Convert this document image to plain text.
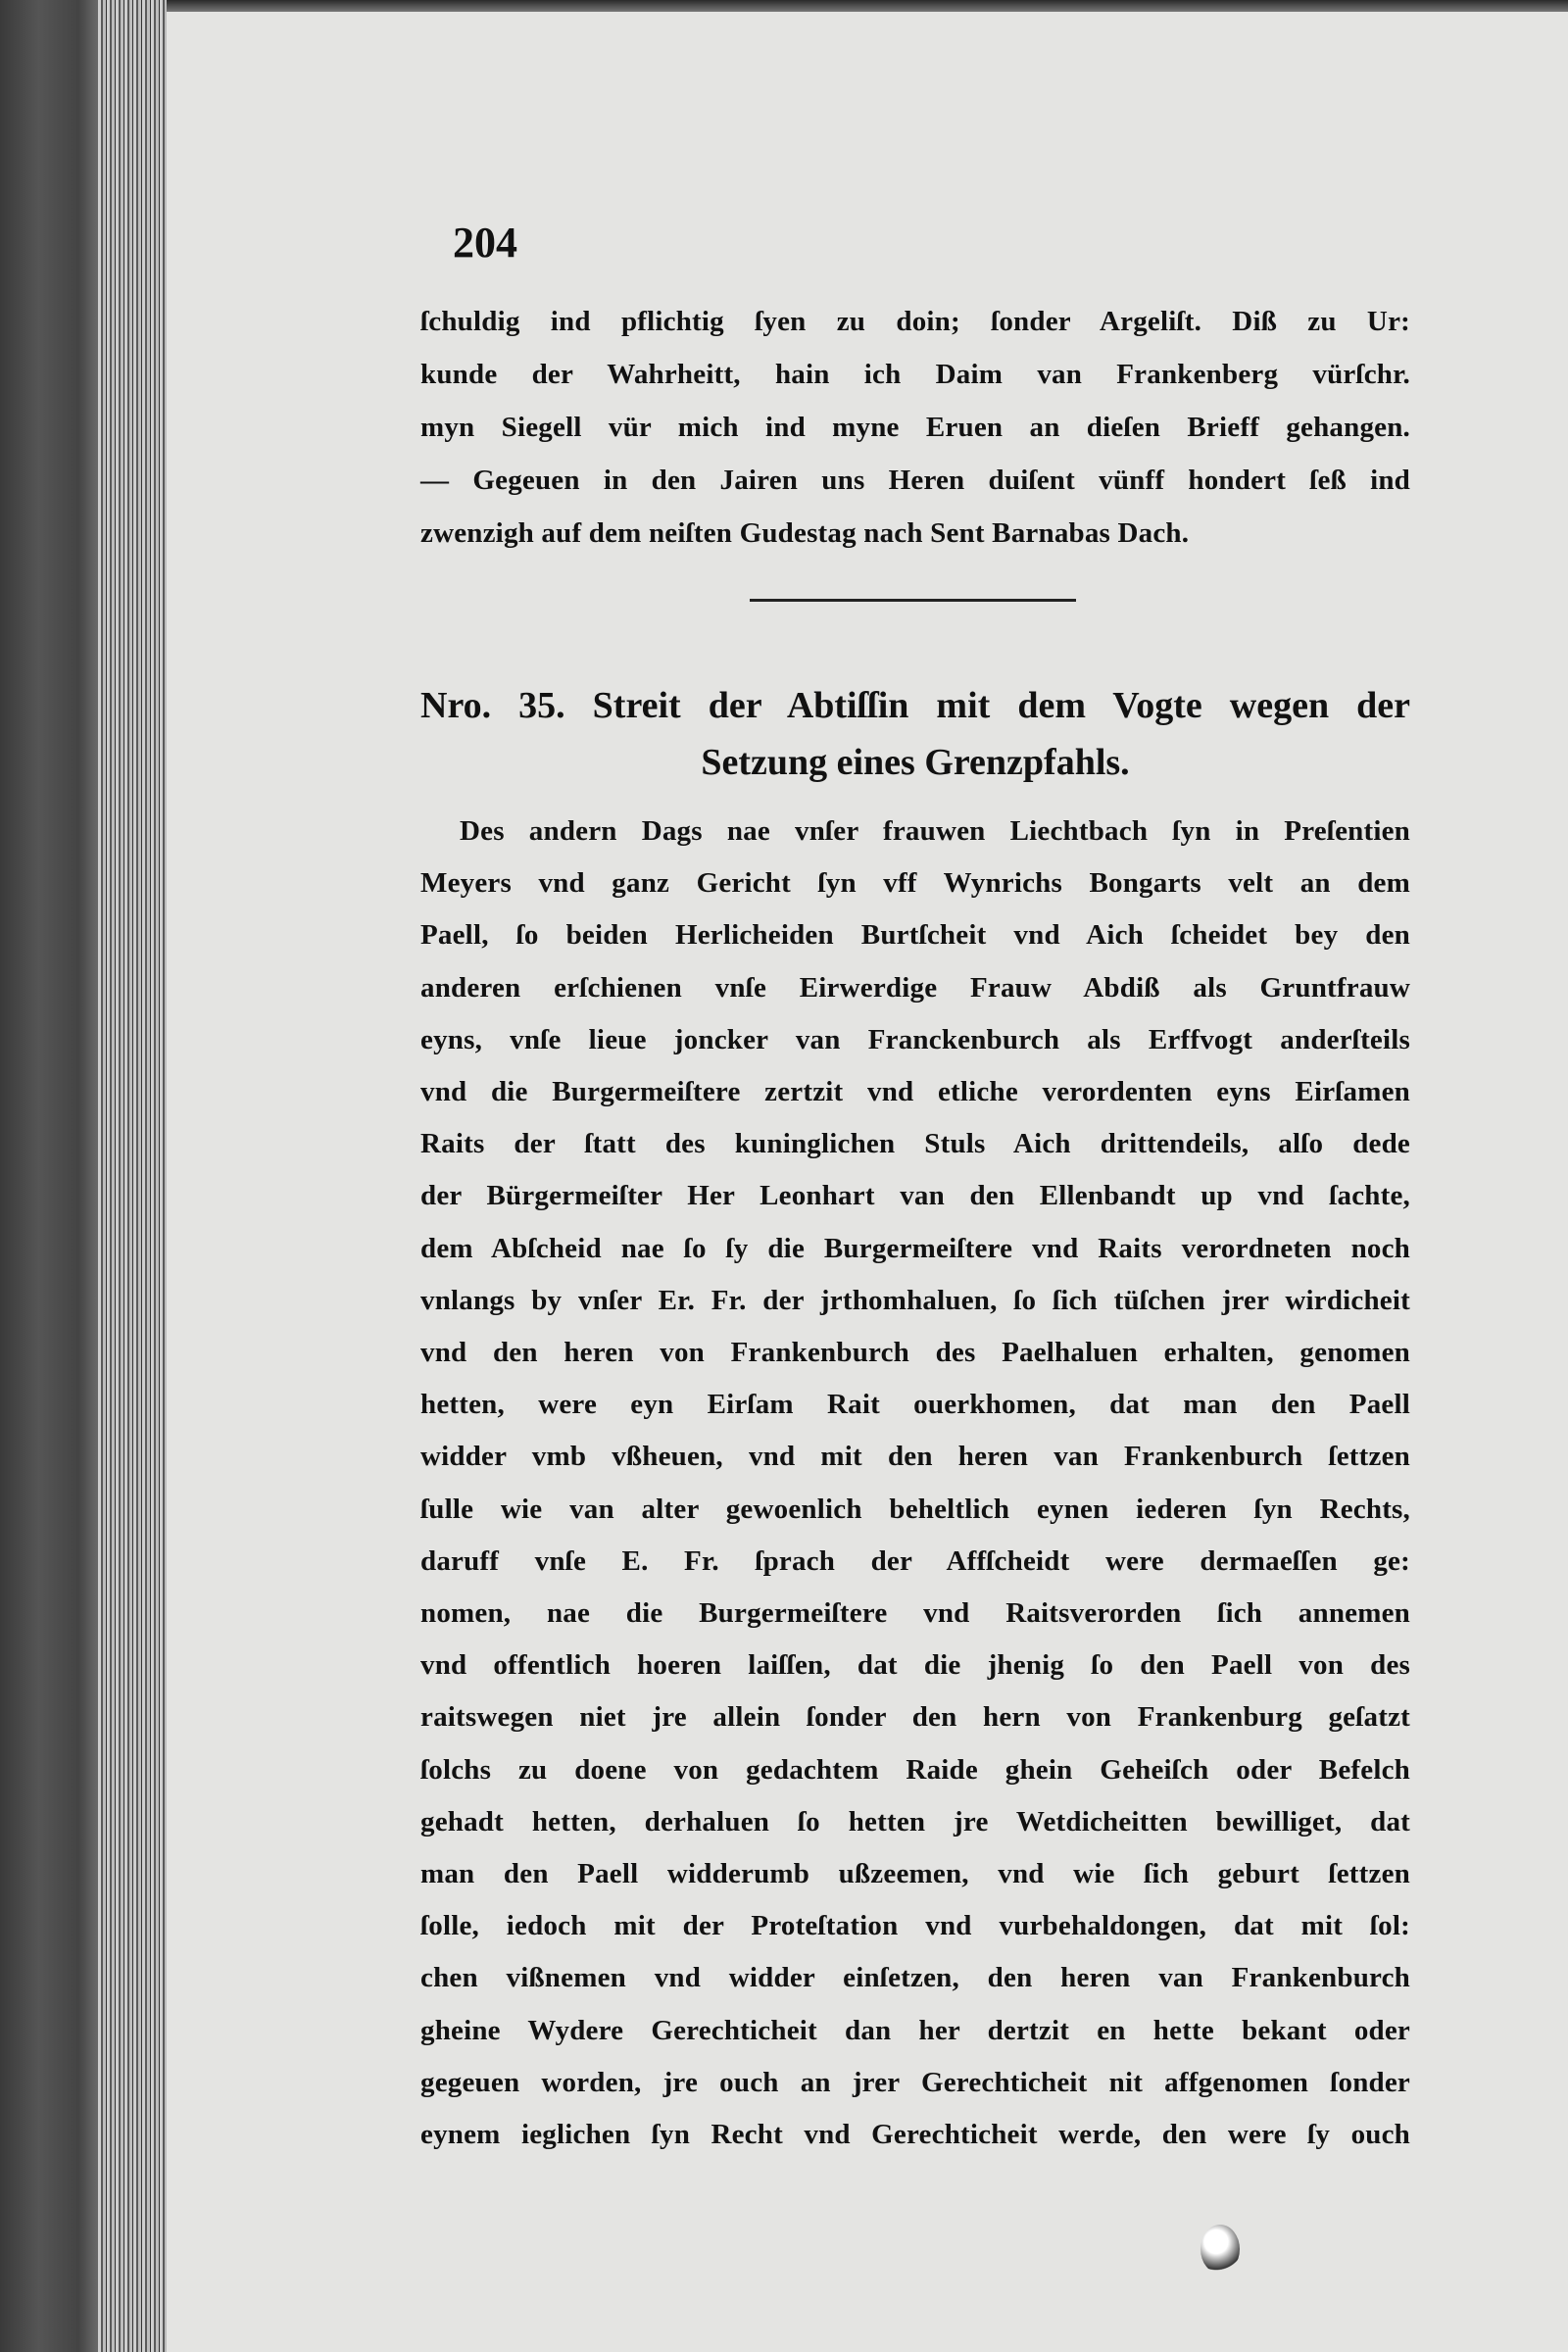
204
ſchuldig ind pflichtig ſyen zu doin; ſonder Argeliſt. Diß zu Ur:
kunde der Wahrheitt, hain ich Daim van Frankenberg vürſchr.
myn Siegell vür mich ind myne Eruen an dieſen Brieff gehangen.
— Gegeuen in den Jairen uns Heren duiſent vünff hondert ſeß ind
zwenzigh auf dem neiſten Gudestag nach Sent Barnabas Dach.
Nro. 35. Streit der Abtiſſin mit dem Vogte wegen der
Setzung eines Grenzpfahls.
Des andern Dags nae vnſer frauwen Liechtbach ſyn in Preſentien
Meyers vnd ganz Gericht ſyn vff Wynrichs Bongarts velt an dem
Paell, ſo beiden Herlicheiden Burtſcheit vnd Aich ſcheidet bey den
anderen erſchienen vnſe Eirwerdige Frauw Abdiß als Gruntfrauw
eyns, vnſe lieue joncker van Franckenburch als Erffvogt anderſteils
vnd die Burgermeiſtere zertzit vnd etliche verordenten eyns Eirſamen
Raits der ſtatt des kuninglichen Stuls Aich drittendeils, alſo dede
der Bürgermeiſter Her Leonhart van den Ellenbandt up vnd ſachte,
dem Abſcheid nae ſo ſy die Burgermeiſtere vnd Raits verordneten noch
vnlangs by vnſer Er. Fr. der jrthomhaluen, ſo ſich tüſchen jrer wirdicheit
vnd den heren von Frankenburch des Paelhaluen erhalten, genomen
hetten, were eyn Eirſam Rait ouerkhomen, dat man den Paell
widder vmb vßheuen, vnd mit den heren van Frankenburch ſettzen
ſulle wie van alter gewoenlich beheltlich eynen iederen ſyn Rechts,
daruff vnſe E. Fr. ſprach der Affſcheidt were dermaeſſen ge:
nomen, nae die Burgermeiſtere vnd Raitsverorden ſich annemen
vnd offentlich hoeren laiſſen, dat die jhenig ſo den Paell von des
raitswegen niet jre allein ſonder den hern von Frankenburg geſatzt
ſolchs zu doene von gedachtem Raide ghein Geheiſch oder Befelch
gehadt hetten, derhaluen ſo hetten jre Wetdicheitten bewilliget, dat
man den Paell widderumb ußzeemen, vnd wie ſich geburt ſettzen
ſolle, iedoch mit der Proteſtation vnd vurbehaldongen, dat mit ſol:
chen vißnemen vnd widder einſetzen, den heren van Frankenburch
gheine Wydere Gerechticheit dan her dertzit en hette bekant oder
gegeuen worden, jre ouch an jrer Gerechticheit nit affgenomen ſonder
eynem ieglichen ſyn Recht vnd Gerechticheit werde, den were ſy ouch
